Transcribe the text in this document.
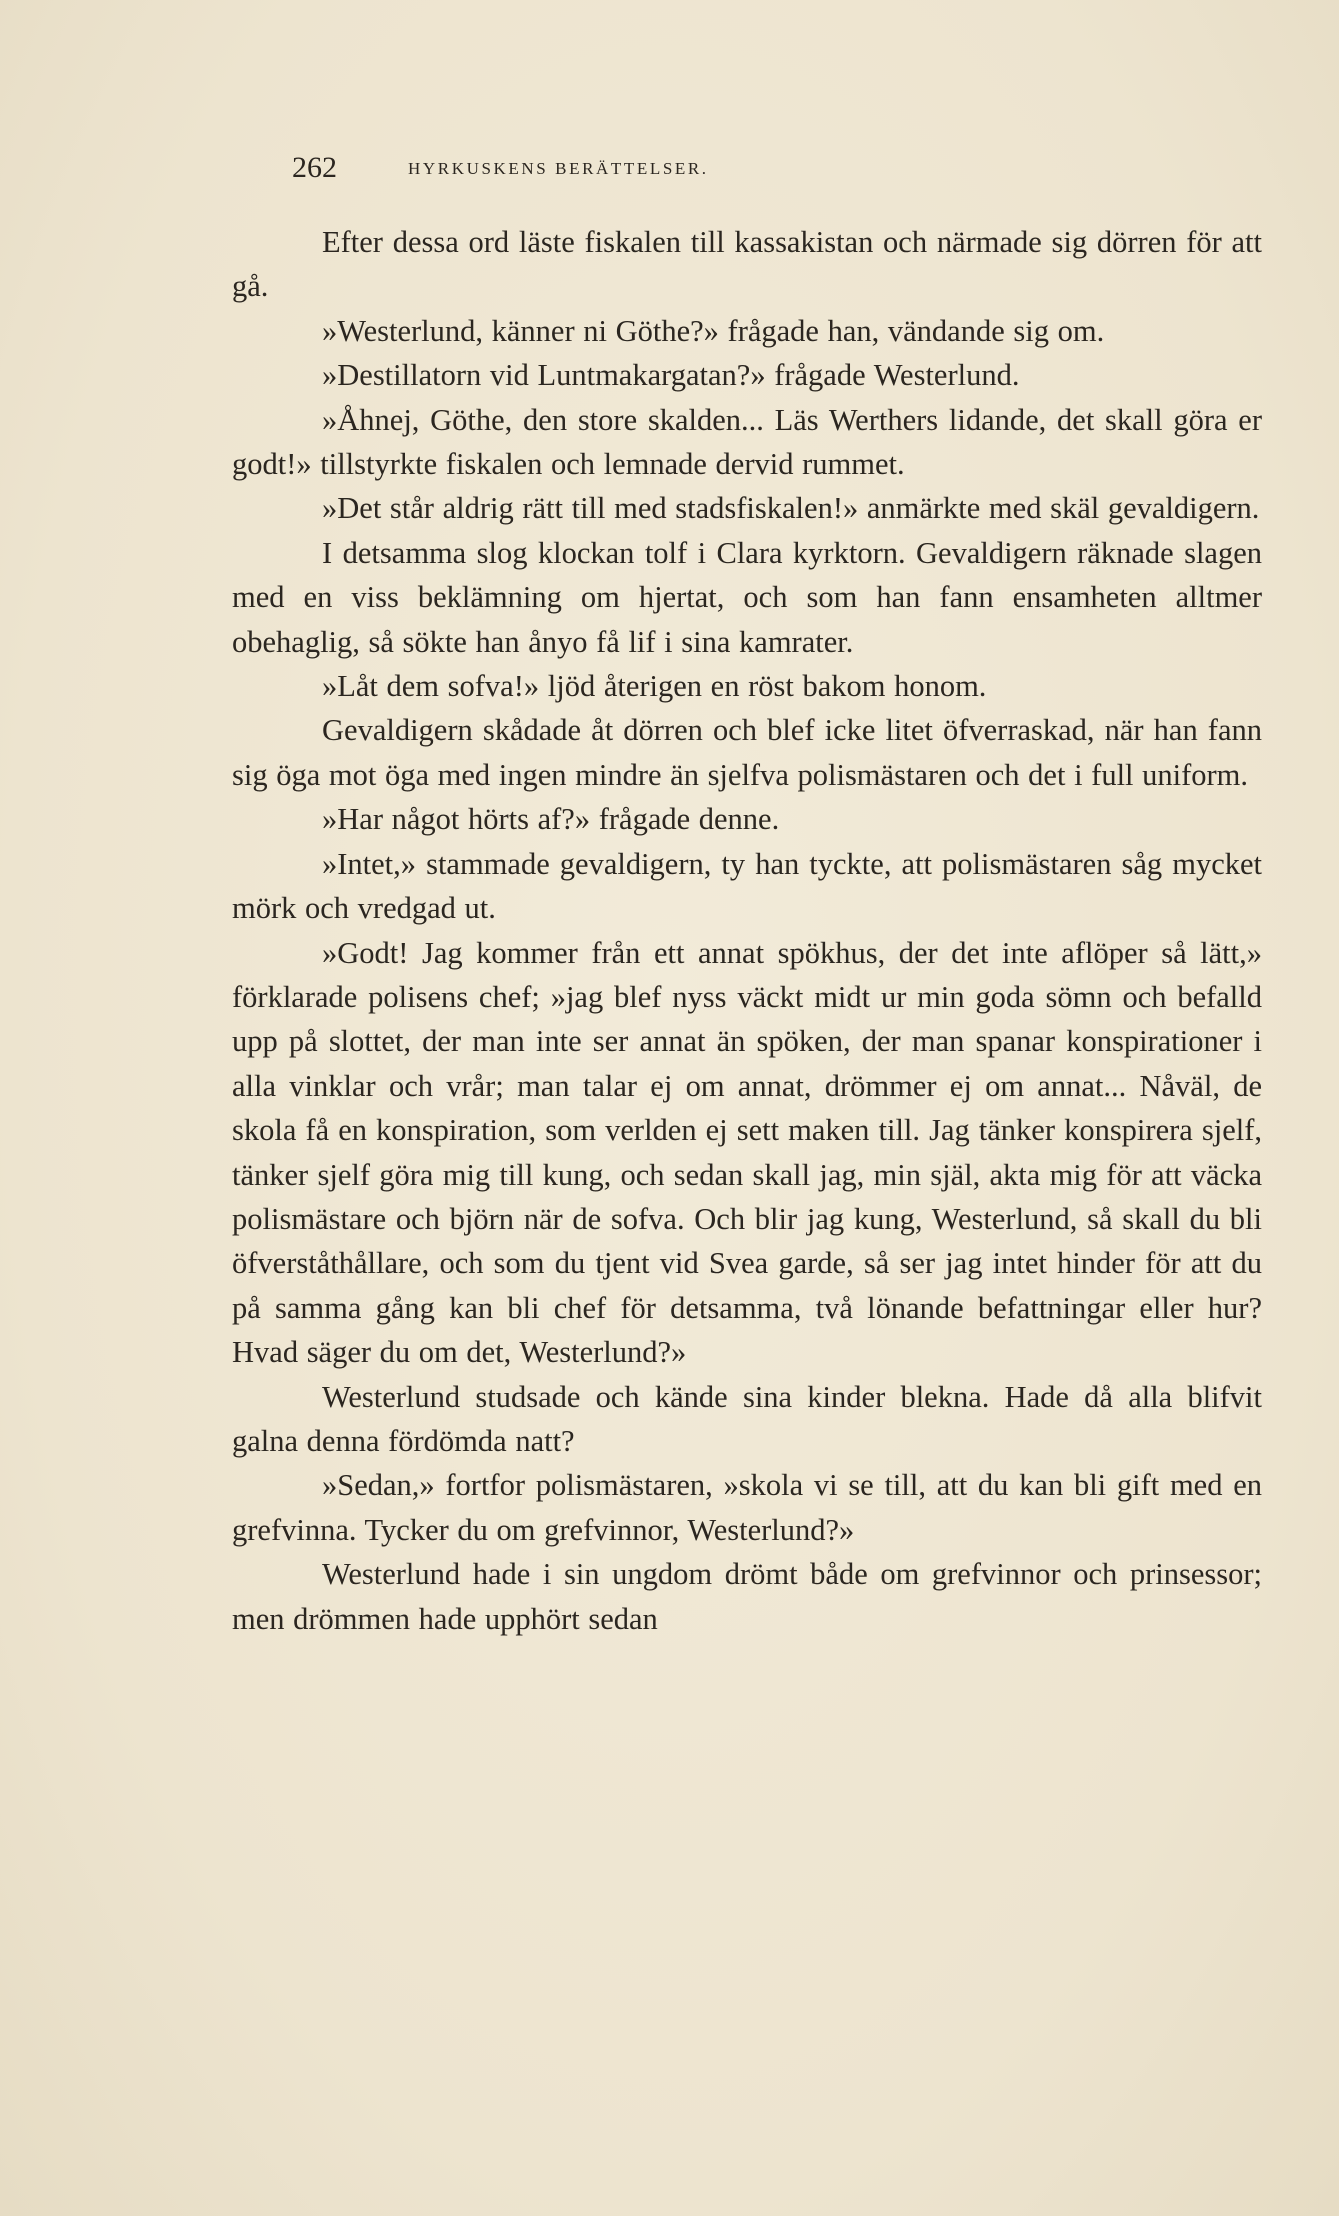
262	HYRKUSKENS BERÄTTELSER.

Efter dessa ord läste fiskalen till kassakistan och närmade sig dörren för att gå.

»Westerlund, känner ni Göthe?» frågade han, vändande sig om.

»Destillatorn vid Luntmakargatan?» frågade Westerlund.

»Åhnej, Göthe, den store skalden... Läs Werthers lidande, det skall göra er godt!» tillstyrkte fiskalen och lemnade dervid rummet.

»Det står aldrig rätt till med stadsfiskalen!» anmärkte med skäl gevaldigern.

I detsamma slog klockan tolf i Clara kyrktorn. Gevaldigern räknade slagen med en viss beklämning om hjertat, och som han fann ensamheten alltmer obehaglig, så sökte han ånyo få lif i sina kamrater.

»Låt dem sofva!» ljöd återigen en röst bakom honom.

Gevaldigern skådade åt dörren och blef icke litet öfverraskad, när han fann sig öga mot öga med ingen mindre än sjelfva polismästaren och det i full uniform.

»Har något hörts af?» frågade denne.

»Intet,» stammade gevaldigern, ty han tyckte, att polismästaren såg mycket mörk och vredgad ut.

»Godt! Jag kommer från ett annat spökhus, der det inte aflöper så lätt,» förklarade polisens chef; »jag blef nyss väckt midt ur min goda sömn och befalld upp på slottet, der man inte ser annat än spöken, der man spanar konspirationer i alla vinklar och vrår; man talar ej om annat, drömmer ej om annat... Nåväl, de skola få en konspiration, som verlden ej sett maken till. Jag tänker konspirera sjelf, tänker sjelf göra mig till kung, och sedan skall jag, min själ, akta mig för att väcka polismästare och björn när de sofva. Och blir jag kung, Westerlund, så skall du bli öfverståthållare, och som du tjent vid Svea garde, så ser jag intet hinder för att du på samma gång kan bli chef för detsamma, två lönande befattningar eller hur? Hvad säger du om det, Westerlund?»

Westerlund studsade och kände sina kinder blekna. Hade då alla blifvit galna denna fördömda natt?

»Sedan,» fortfor polismästaren, »skola vi se till, att du kan bli gift med en grefvinna. Tycker du om grefvinnor, Westerlund?»

Westerlund hade i sin ungdom drömt både om grefvinnor och prinsessor; men drömmen hade upphört sedan
